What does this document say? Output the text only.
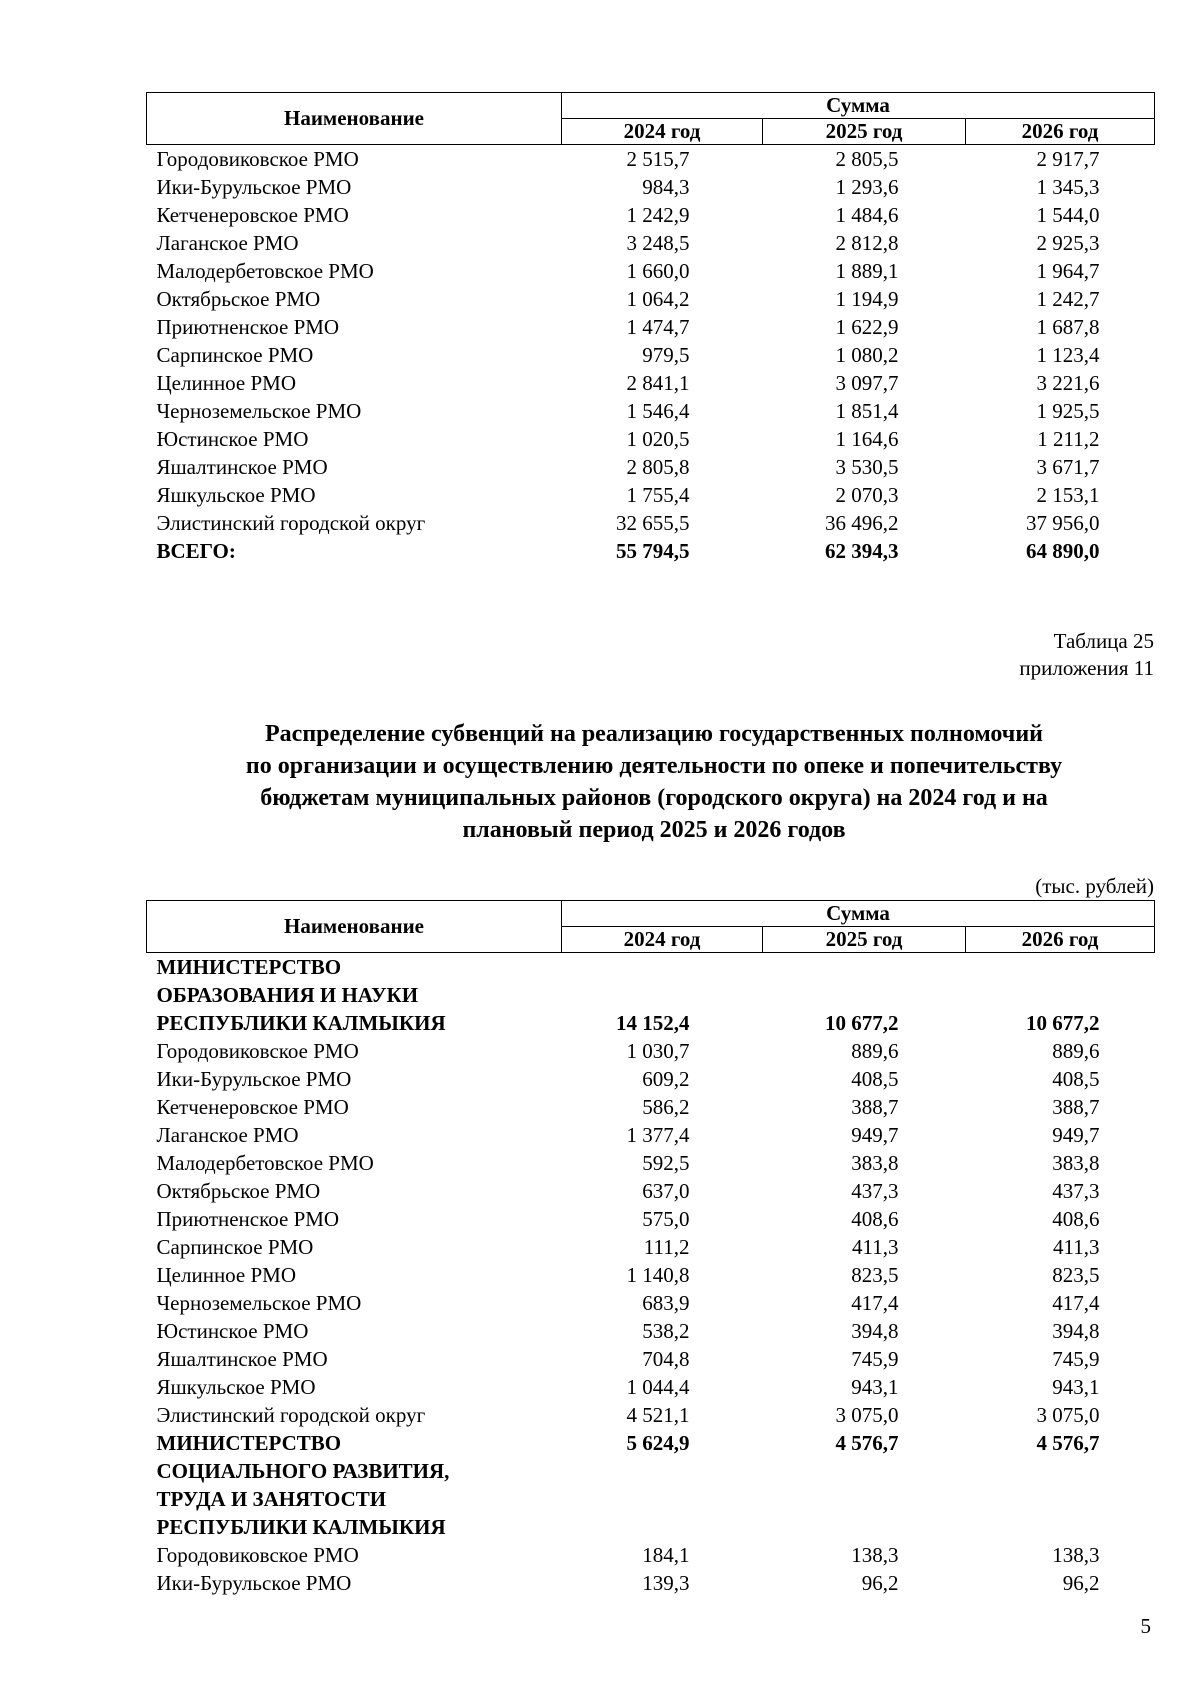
Наименование	Сумма		
	2024 год	2025 год	2026 год
Городовиковское РМО	2 515,7	2 805,5	2 917,7
Ики-Бурульское РМО	984,3	1 293,6	1 345,3
Кетченеровское РМО	1 242,9	1 484,6	1 544,0
Лаганское РМО	3 248,5	2 812,8	2 925,3
Малодербетовское РМО	1 660,0	1 889,1	1 964,7
Октябрьское РМО	1 064,2	1 194,9	1 242,7
Приютненское РМО	1 474,7	1 622,9	1 687,8
Сарпинское РМО	979,5	1 080,2	1 123,4
Целинное РМО	2 841,1	3 097,7	3 221,6
Черноземельское РМО	1 546,4	1 851,4	1 925,5
Юстинское РМО	1 020,5	1 164,6	1 211,2
Яшалтинское РМО	2 805,8	3 530,5	3 671,7
Яшкульское РМО	1 755,4	2 070,3	2 153,1
Элистинский городской округ	32 655,5	36 496,2	37 956,0
ВСЕГО:	55 794,5	62 394,3	64 890,0
Таблица 25
приложения 11
Распределение субвенций на реализацию государственных полномочий
по организации и осуществлению деятельности по опеке и попечительству
бюджетам муниципальных районов (городского округа) на 2024 год и на
плановый период 2025 и 2026 годов
(тыс. рублей)
Наименование	Сумма		
	2024 год	2025 год	2026 год

МИНИСТЕРСТВО
ОБРАЗОВАНИЯ И НАУКИ
РЕСПУБЛИКИ КАЛМЫКИЯ	14 152,4	10 677,2	10 677,2
Городовиковское РМО	1 030,7	889,6	889,6
Ики-Бурульское РМО	609,2	408,5	408,5
Кетченеровское РМО	586,2	388,7	388,7
Лаганское РМО	1 377,4	949,7	949,7
Малодербетовское РМО	592,5	383,8	383,8
Октябрьское РМО	637,0	437,3	437,3
Приютненское РМО	575,0	408,6	408,6
Сарпинское РМО	111,2	411,3	411,3
Целинное РМО	1 140,8	823,5	823,5
Черноземельское РМО	683,9	417,4	417,4
Юстинское РМО	538,2	394,8	394,8
Яшалтинское РМО	704,8	745,9	745,9
Яшкульское РМО	1 044,4	943,1	943,1
Элистинский городской округ	4 521,1	3 075,0	3 075,0

МИНИСТЕРСТВО
СОЦИАЛЬНОГО РАЗВИТИЯ,
ТРУДА И ЗАНЯТОСТИ
РЕСПУБЛИКИ КАЛМЫКИЯ	5 624,9	4 576,7	4 576,7
Городовиковское РМО	184,1	138,3	138,3
Ики-Бурульское РМО	139,3	96,2	96,2
5
